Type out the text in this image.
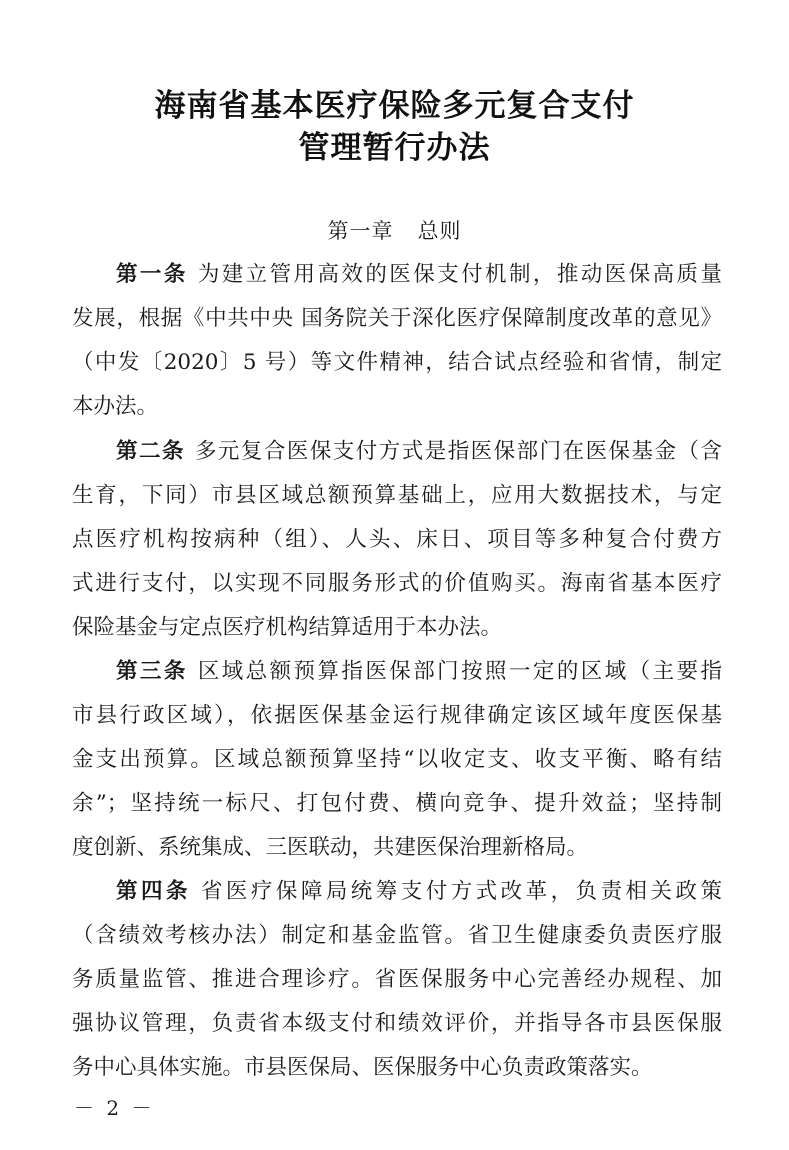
海南省基本医疗保险多元复合支付
管理暂行办法
第一章 总则
第一条 为建立管用高效的医保支付机制，推动医保高质量
发展，根据《中共中央 国务院关于深化医疗保障制度改革的意见》
（中发〔2020〕5 号）等文件精神，结合试点经验和省情，制定
本办法。
第二条 多元复合医保支付方式是指医保部门在医保基金（含
生育，下同）市县区域总额预算基础上，应用大数据技术，与定
点医疗机构按病种（组）、人头、床日、项目等多种复合付费方
式进行支付，以实现不同服务形式的价值购买。海南省基本医疗
保险基金与定点医疗机构结算适用于本办法。
第三条 区域总额预算指医保部门按照一定的区域（主要指
市县行政区域），依据医保基金运行规律确定该区域年度医保基
金支出预算。区域总额预算坚持“以收定支、收支平衡、略有结
余”；坚持统一标尺、打包付费、横向竞争、提升效益；坚持制
度创新、系统集成、三医联动，共建医保治理新格局。
第四条 省医疗保障局统筹支付方式改革，负责相关政策
（含绩效考核办法）制定和基金监管。省卫生健康委负责医疗服
务质量监管、推进合理诊疗。省医保服务中心完善经办规程、加
强协议管理，负责省本级支付和绩效评价，并指导各市县医保服
务中心具体实施。市县医保局、医保服务中心负责政策落实。
－ 2 －
